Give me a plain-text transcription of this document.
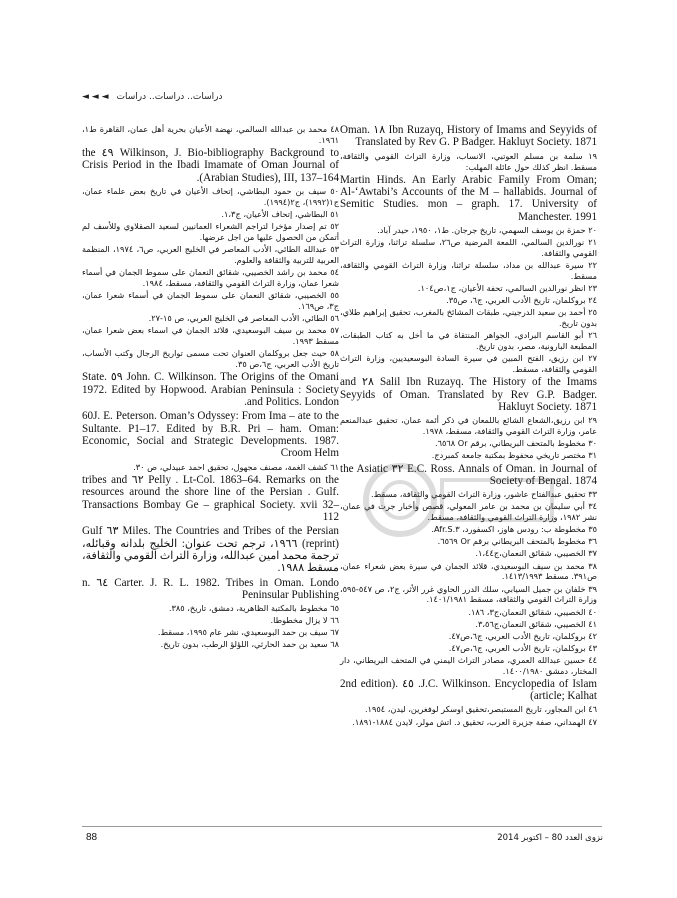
دراسات.. دراسات.. دراسات ◄ ◄ ◄

Ibn Ruzayq, History of Imams and Seyyids of ١٨ Oman. Translated by Rev G. P Badger. Hakluyt Society. 1871

١٩ سلمة بن مسلم العوتبي، الانساب، وزارة التراث القومي والثقافة، مسقط. انظر كذلك حول عائلة المهلب:

Martin Hinds. An Early Arabic Family From Oman; Al-‘Awtabi’s Accounts of the M – hallabids. Journal of Semitic Studies. mon – graph. 17. University of Manchester. 1991

٢٠ حمزة بن يوسف السهمي، تاريخ جرجان. ط١، ١٩٥٠، حيدر آباد.

٢١ نورالدين السالمي، اللمعة المرضية ص٢٦، سلسلة تراثنا، وزارة التراث القومي والثقافة.

٢٢ سيرة عبدالله بن مداد، سلسلة تراثنا، وزارة التراث القومي والثقافة، مسقط.

٢٣ انظر نورالدين السالمي، تحفة الأعيان، ج١،ص١٠٤.

٢٤ بروكلمان، تاريخ الأدب العربي، ج٦، ص٣٥.

٢٥ أحمد بن سعيد الدرجيني، طبقات المشائخ بالمغرب، تحقيق إبراهيم طلاي، بدون تاريخ.

٢٦ أبو القاسم البرادي، الجواهر المنتقاة في ما أخل به كتاب الطبقات، المطبعة البارونية، مصر، بدون تاريخ.

٢٧ ابن رزيق، الفتح المبين في سيرة السادة البوسعيديين، وزارة التراث القومي والثقافة، مسقط.

Salil Ibn Ruzayq. The History of the Imams ٢٨ and Seyyids of Oman. Translated by Rev G.P. Badger. Hakluyt Society. 1871

٢٩ ابن رزيق،الشعاع الشائع باللمعان في ذكر أئمة عمان، تحقيق عبدالمنعم عامر، وزارة التراث القومي والثقافة، مسقط، ١٩٧٨.

٣٠ مخطوط بالمتحف البريطاني، برقم Or ٦٥٦٨.

٣١ مختصر تاريخي محفوظ بمكتبة جامعة كمبردج.

E.C. Ross. Annals of Oman. in Journal of ٣٢ the Asiatic Society of Bengal. 1874

٣٣ تحقيق عبدالفتاح عاشور، وزارة التراث القومي والثقافة، مسقط.

٣٤ أبي سليمان بن محمد بن عامر المعولي، قصص وأخبار جرت في عمان، نشر ١٩٨٢، وزارة التراث القومي والثقافة، مسقط.

٣٥ مخطوطة ب: رودس هاوز، اكسفورد، ٣.Afr.S.

٣٦ مخطوط بالمتحف البريطاني برقم Or ٦٥٦٩.

٣٧ الخصيبي، شقائق النعمان،ج١،٤٤.

٣٨ محمد بن سيف البوسعيدي، قلائد الجمان في سيرة بعض شعراء عمان، ص٣٩١. مسقط ١٤١٣/١٩٩٣.

٣٩ خلفان بن جميل السيابي، سلك الدرر الحاوي غرر الأثر، ج٢، ص ٥٤٧-٥٩٥، وزارة التراث القومي والثقافة، مسقط ١٤٠١/١٩٨١.

٤٠ الخصيبي، شقائق النعمان،ج٣، ١٨٦.

٤١ الخصيبي، شقائق النعمان،ج٣،٥٦.

٤٢ بروكلمان، تاريخ الأدب العربي، ج٦،ص٤٧.

٤٣ بروكلمان، تاريخ الأدب العربي، ج٦،ص٤٧.

٤٤ حسين عبدالله العمري، مصادر التراث اليمني في المتحف البريطاني، دار المختار، دمشق ١٤٠٠/١٩٨٠.

J.C. Wilkinson. Encyclopedia of Islam. ٤٥ 2nd edition). article; Kalhat)

٤٦ ابن المجاور، تاريخ المستبصر،تحقيق اوسكر لوفغرين، ليدن، ١٩٥٤.

٤٧ الهمداني، صفة جزيرة العرب، تحقيق د. اتش مولر، لايدن ١٨٨٤-١٨٩١.

٤٨ محمد بن عبدالله السالمي، نهضة الأعيان بحرية أهل عمان، القاهرة ط١، ١٩٦١.

Wilkinson, J. Bio-bibliography Background to ٤٩ the Crisis Period in the Ibadi Imamate of Oman Journal of Arabian Studies), III, 137–164).

٥٠ سيف بن حمود البطاشي، إتحاف الأعيان في تاريخ بعض علماء عمان، ج١(١٩٩٢)، ج٢(١٩٩٤).

٥١ البطاشي، إتحاف الأعيان، ج١،٣.

٥٢ تم إصدار مؤخرا لتراجم الشعراء العمانيين لسعيد الصقلاوي وللأسف لم أتمكن من الحصول عليها من اجل عرضها.

٥٣ عبدالله الطائي، الأدب المعاصر في الخليج العربي، ص٦، ١٩٧٤، المنظمة العربية للتربية والثقافة والعلوم.

٥٤ محمد بن راشد الخصيبي، شقائق النعمان على سموط الجمان في أسماء شعرا عمان، وزارة التراث القومي والثقافة، مسقط، ١٩٨٤.

٥٥ الخصيبي، شقائق النعمان على سموط الجمان في أسماء شعرا عمان، ج٣، ص١٦٩.

٥٦ الطائي، الأدب المعاصر في الخليج العربي، ص ١٥-٢٧.

٥٧ محمد بن سيف البوسعيدي، قلائد الجمان في اسماء بعض شعرا عمان، مسقط ١٩٩٣.

٥٨ حيث جعل بروكلمان العنوان تحت مسمى تواريخ الرجال وكتب الأنساب، تاريخ الأدب العربي، ج٦،ص ٣٥.

John. C. Wilkinson. The Origins of the Omani ٥٩ State. 1972. Edited by Hopwood. Arabian Peninsula : Society and Politics. London.

60J. E. Peterson. Oman’s Odyssey: From Ima – ate to the Sultante. P1–17. Edited by B.R. Pri – ham. Oman: Economic, Social and Strategic Developments. 1987. Croom Helm

٦١ كشف الغمة، مصنف مجهول، تحقيق احمد عبيدلي، ص ٣٠.

Pelly . Lt-Col. 1863–64. Remarks on the ٦٢ tribes and resources around the shore line of the Persian . Gulf. Transactions Bombay Ge – graphical Society. xvii 32–112

Miles. The Countries and Tribes of the Persian ٦٣ Gulf (reprint) ١٩٦٦، ترجم تحت عنوان: الخليج بلدانه وقبائله، ترجمة محمد امين عبدالله، وزارة التراث القومي والثقافة، مسقط ١٩٨٨.

Carter. J. R. L. 1982. Tribes in Oman. Londo ٦٤ n. Peninsular Publishing

٦٥ مخطوط بالمكتبة الظاهرية، دمشق، تاريخ، ٣٨٥.

٦٦ لا يزال مخطوطا.

٦٧ سيف بن حمد البوسعيدي، نشر عام ١٩٩٥، مسقط.

٦٨ سعيد بن حمد الحارثي، اللؤلؤ الرطب، بدون تاريخ.

88	نزوى العدد 80 – اكتوبر 2014
